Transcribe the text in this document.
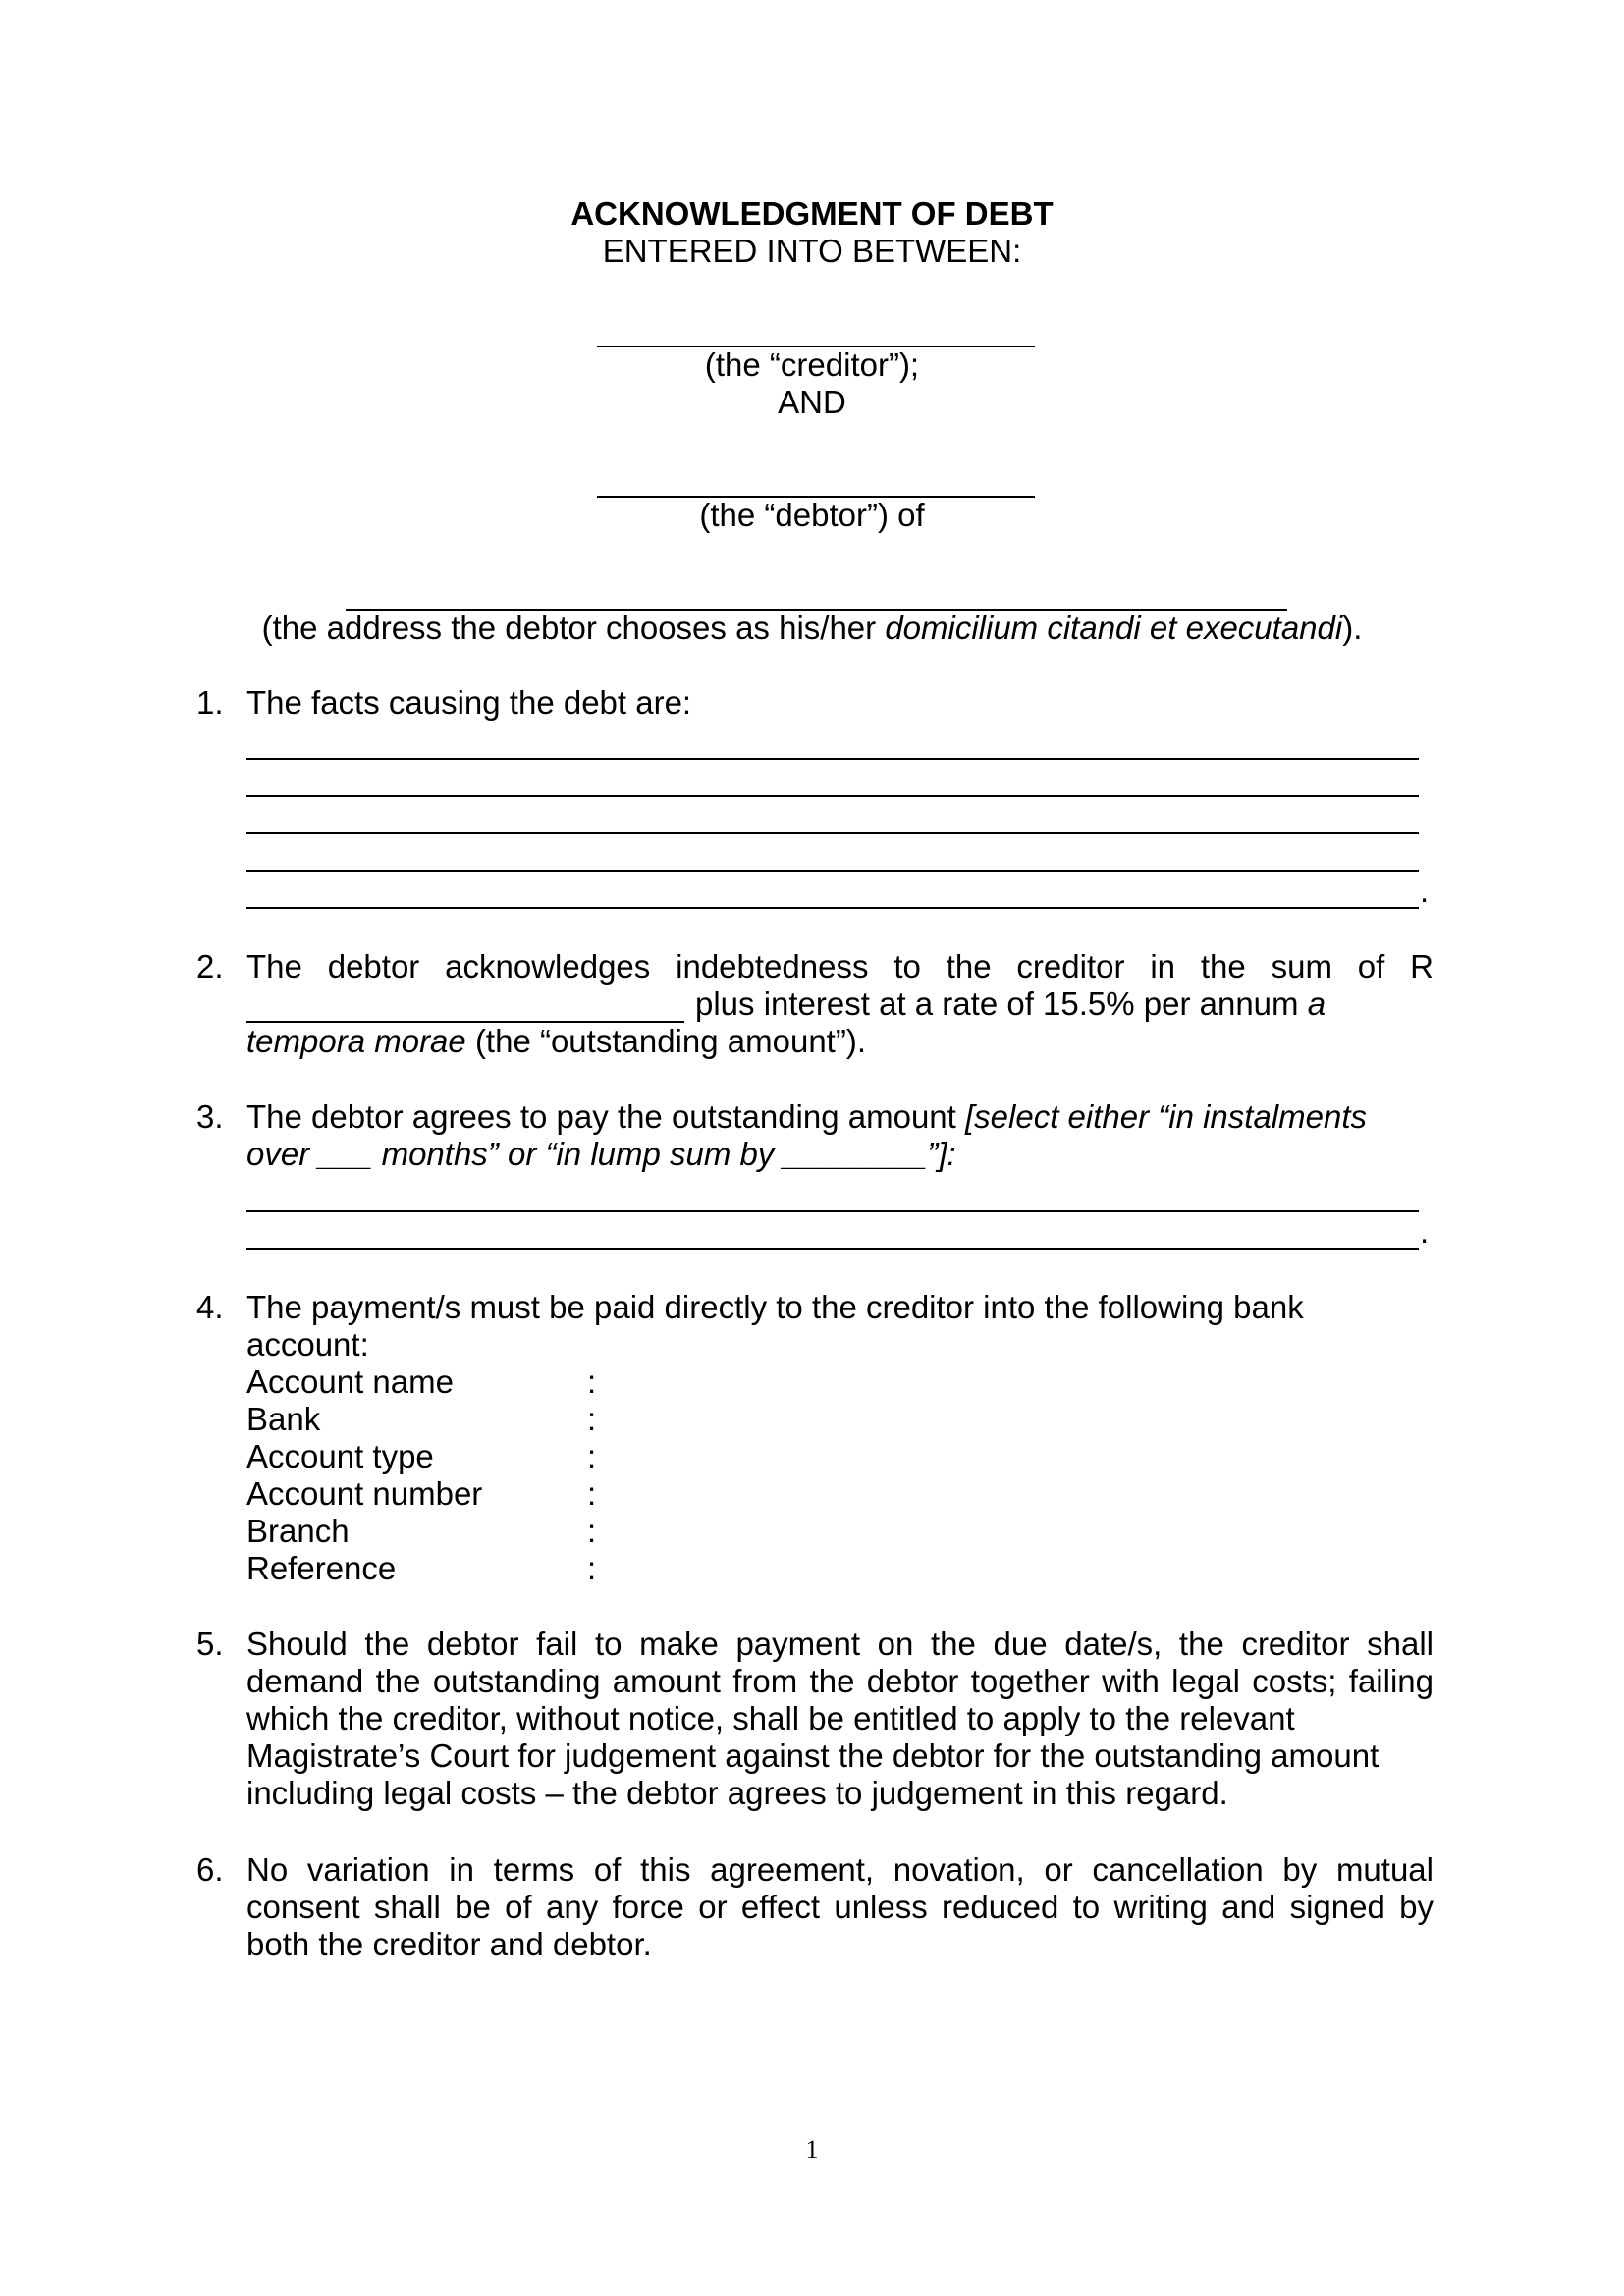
ACKNOWLEDGMENT OF DEBT
ENTERED INTO BETWEEN:
(the “creditor”);
AND
(the “debtor”) of
(the address the debtor chooses as his/her domicilium citandi et executandi).
1. The facts causing the debt are:
.
2. The debtor acknowledges indebtedness to the creditor in the sum of R
plus interest at a rate of 15.5% per annum a
tempora morae (the “outstanding amount”).
3. The debtor agrees to pay the outstanding amount [select either “in instalments
over ___ months” or “in lump sum by ________”]:
.
4. The payment/s must be paid directly to the creditor into the following bank
account:
Account name	:
Bank	:
Account type	:
Account number	:
Branch	:
Reference	:
5. Should the debtor fail to make payment on the due date/s, the creditor shall
demand the outstanding amount from the debtor together with legal costs; failing
which the creditor, without notice, shall be entitled to apply to the relevant
Magistrate’s Court for judgement against the debtor for the outstanding amount
including legal costs – the debtor agrees to judgement in this regard.
6. No variation in terms of this agreement, novation, or cancellation by mutual
consent shall be of any force or effect unless reduced to writing and signed by
both the creditor and debtor.
1
